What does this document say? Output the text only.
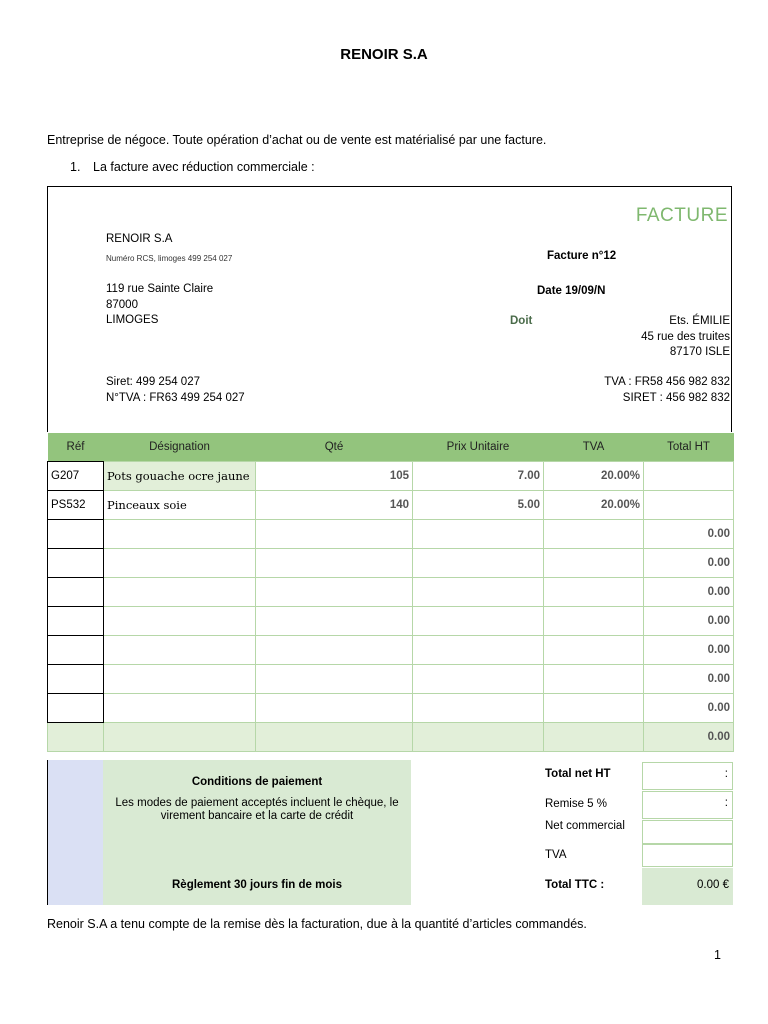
RENOIR S.A
Entreprise de négoce. Toute opération d’achat ou de vente est matérialisé par une facture.
1. La facture avec réduction commerciale :
FACTURE
RENOIR S.A
Numéro RCS, limoges 499 254 027
119 rue Sainte Claire
87000
LIMOGES
Siret: 499 254 027
N°TVA : FR63 499 254 027
Facture n°12
Date 19/09/N
Doit	Ets. ÉMILIE
45 rue des truites
87170 ISLE
TVA : FR58 456 982 832
SIRET : 456 982 832
Réf	Désignation	Qté	Prix Unitaire	TVA	Total HT
G207	Pots gouache ocre jaune	105	7.00	20.00%	
PS532	Pinceaux soie	140	5.00	20.00%	
					0.00
					0.00
					0.00
					0.00
					0.00
					0.00
					0.00
					0.00
Conditions de paiement
Les modes de paiement acceptés incluent le chèque, le virement bancaire et la carte de crédit
Règlement 30 jours fin de mois
Total net HT	:
Remise 5 %	:
Net commercial
TVA
Total TTC :	0.00 €
Renoir S.A a tenu compte de la remise dès la facturation, due à la quantité d’articles commandés.
1
